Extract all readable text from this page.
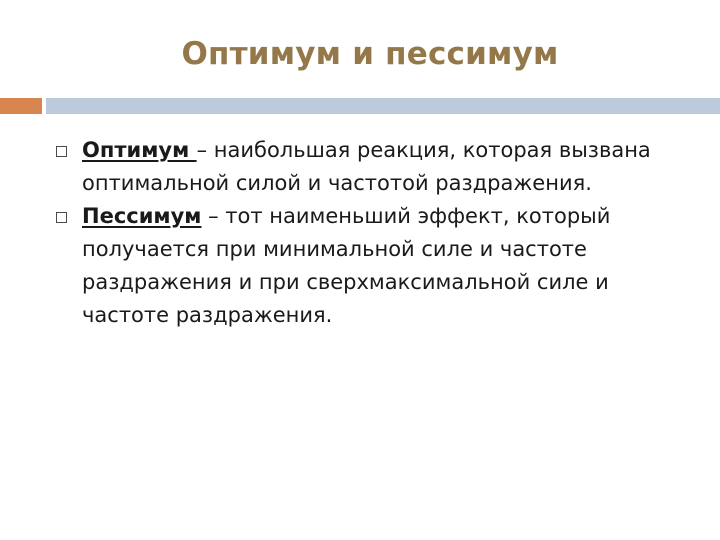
Оптимум и пессимум
Оптимум – наибольшая реакция, которая вызвана оптимальной силой и частотой раздражения.
Пессимум – тот наименьший эффект, который получается при минимальной силе и частоте раздражения и при сверхмаксимальной силе и частоте раздражения.
